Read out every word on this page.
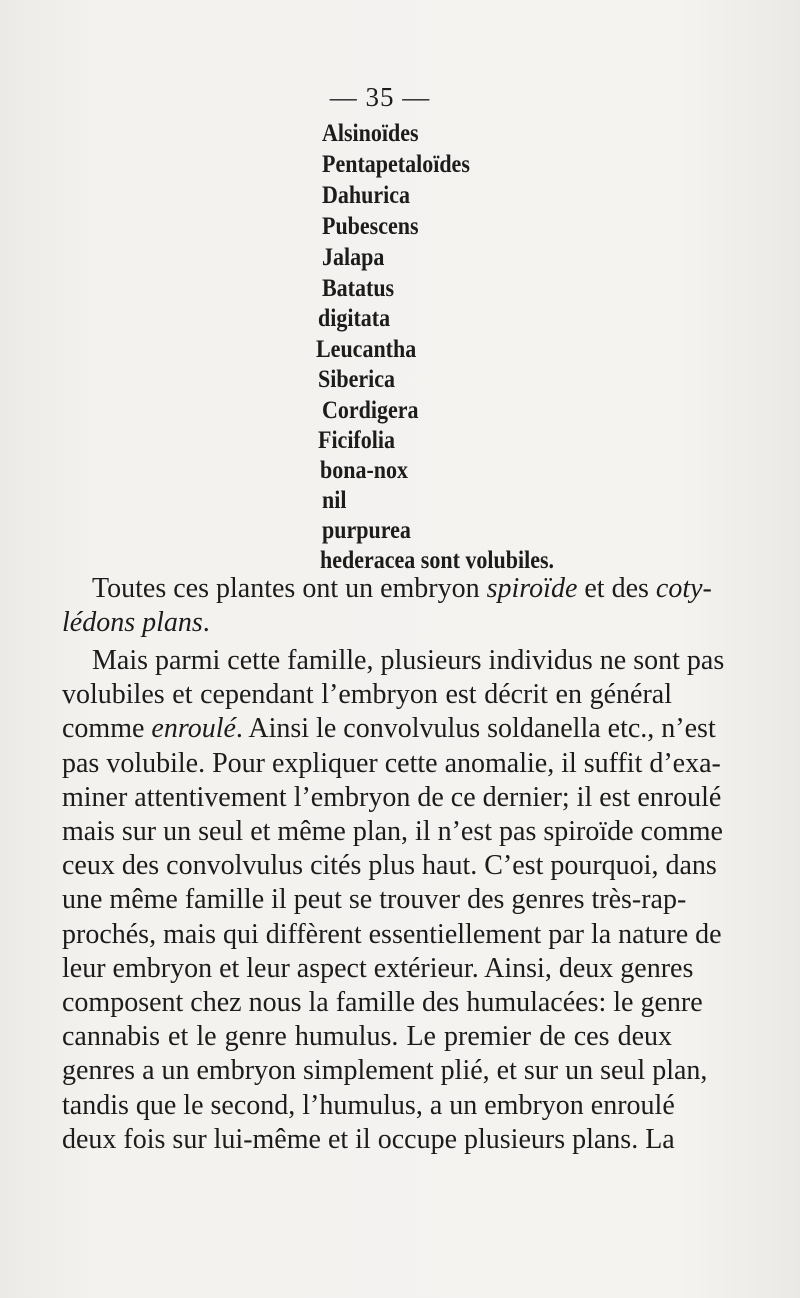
— 35 —
Alsinoïdes
Pentapetaloïdes
Dahurica
Pubescens
Jalapa
Batatus
digitata
Leucantha
Siberica
Cordigera
Ficifolia
bona-nox
nil
purpurea
hederacea sont volubiles.
Toutes ces plantes ont un embryon spiroïde et des coty-
lédons plans.
Mais parmi cette famille, plusieurs individus ne sont pas
volubiles et cependant l’embryon est décrit en général
comme enroulé. Ainsi le convolvulus soldanella etc., n’est
pas volubile. Pour expliquer cette anomalie, il suffit d’exa-
miner attentivement l’embryon de ce dernier; il est enroulé
mais sur un seul et même plan, il n’est pas spiroïde comme
ceux des convolvulus cités plus haut. C’est pourquoi, dans
une même famille il peut se trouver des genres très-rap-
prochés, mais qui diffèrent essentiellement par la nature de
leur embryon et leur aspect extérieur. Ainsi, deux genres
composent chez nous la famille des humulacées: le genre
cannabis et le genre humulus. Le premier de ces deux
genres a un embryon simplement plié, et sur un seul plan,
tandis que le second, l’humulus, a un embryon enroulé
deux fois sur lui-même et il occupe plusieurs plans. La
